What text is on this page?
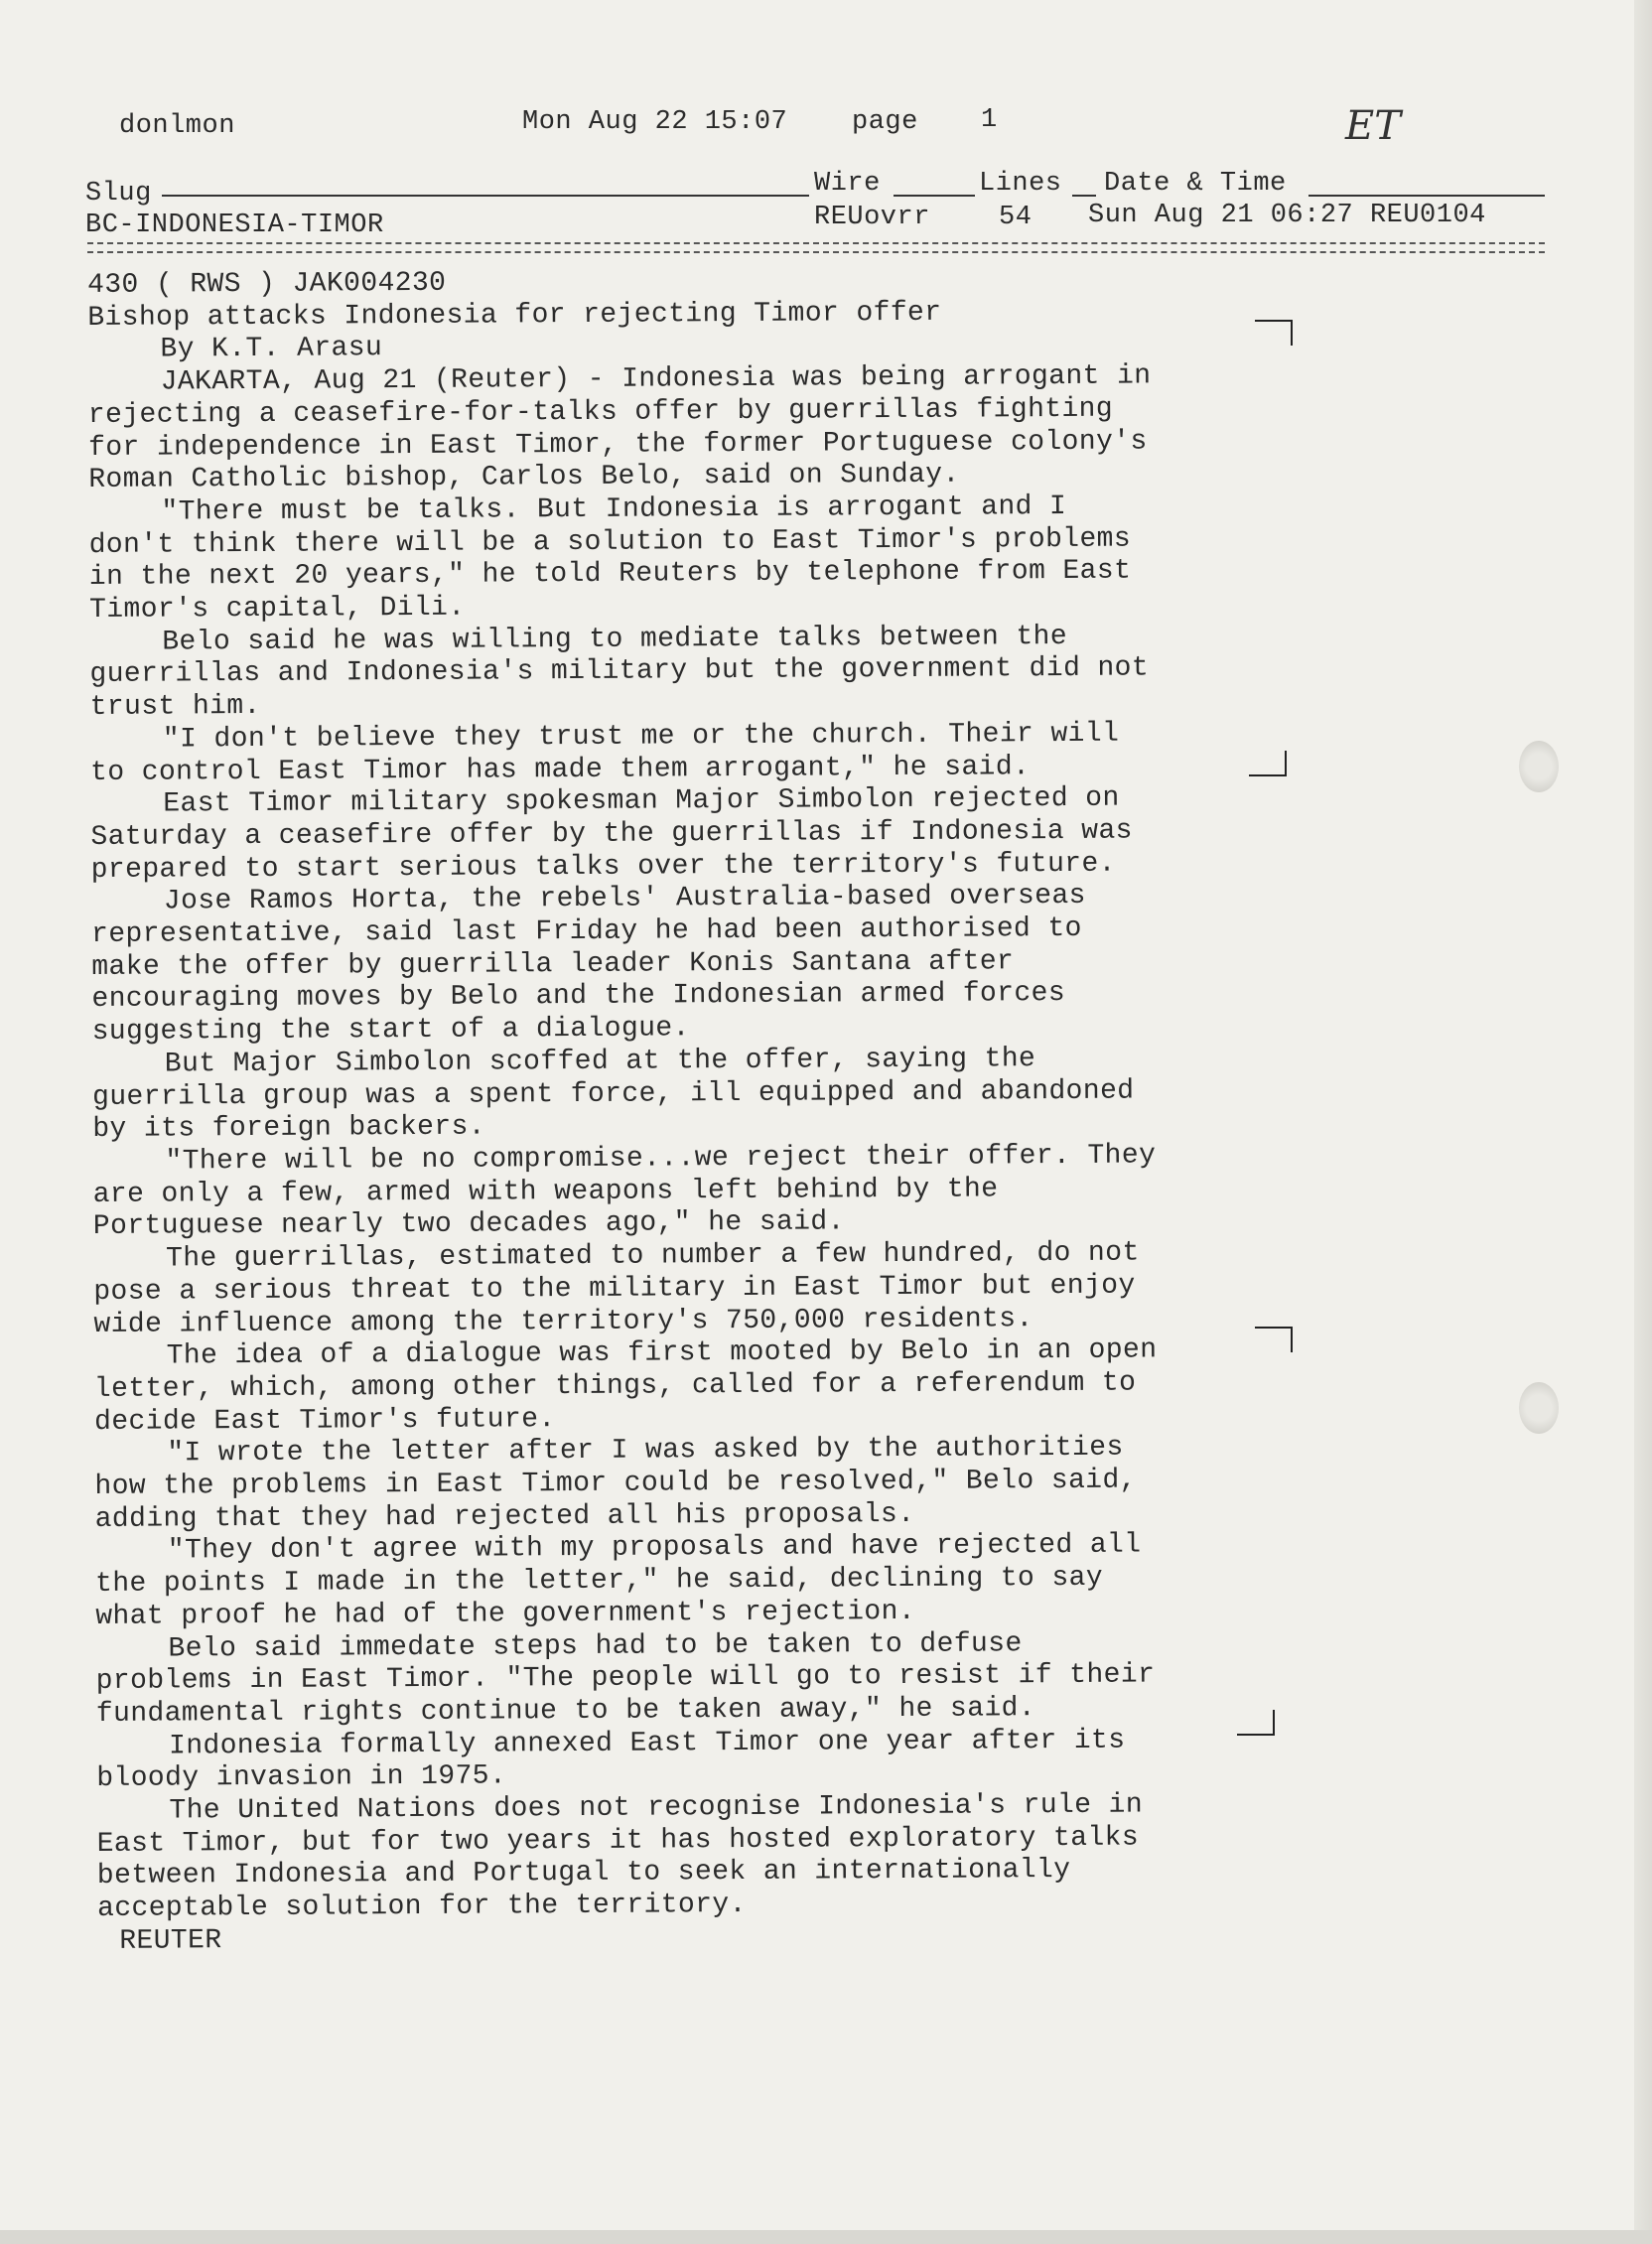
donlmon	Mon Aug 22 15:07 page 1	ET
Slug	Wire	Lines Date & Time
BC-INDONESIA-TIMOR	REUovrr	54 Sun Aug 21 06:27 REU0104
430 ( RWS ) JAK004230
Bishop attacks Indonesia for rejecting Timor offer
By K.T. Arasu
JAKARTA, Aug 21 (Reuter) - Indonesia was being arrogant in
rejecting a ceasefire-for-talks offer by guerrillas fighting
for independence in East Timor, the former Portuguese colony's
Roman Catholic bishop, Carlos Belo, said on Sunday.
"There must be talks. But Indonesia is arrogant and I
don't think there will be a solution to East Timor's problems
in the next 20 years," he told Reuters by telephone from East
Timor's capital, Dili.
Belo said he was willing to mediate talks between the
guerrillas and Indonesia's military but the government did not
trust him.
"I don't believe they trust me or the church. Their will
to control East Timor has made them arrogant," he said.
East Timor military spokesman Major Simbolon rejected on
Saturday a ceasefire offer by the guerrillas if Indonesia was
prepared to start serious talks over the territory's future.
Jose Ramos Horta, the rebels' Australia-based overseas
representative, said last Friday he had been authorised to
make the offer by guerrilla leader Konis Santana after
encouraging moves by Belo and the Indonesian armed forces
suggesting the start of a dialogue.
But Major Simbolon scoffed at the offer, saying the
guerrilla group was a spent force, ill equipped and abandoned
by its foreign backers.
"There will be no compromise...we reject their offer. They
are only a few, armed with weapons left behind by the
Portuguese nearly two decades ago," he said.
The guerrillas, estimated to number a few hundred, do not
pose a serious threat to the military in East Timor but enjoy
wide influence among the territory's 750,000 residents.
The idea of a dialogue was first mooted by Belo in an open
letter, which, among other things, called for a referendum to
decide East Timor's future.
"I wrote the letter after I was asked by the authorities
how the problems in East Timor could be resolved," Belo said,
adding that they had rejected all his proposals.
"They don't agree with my proposals and have rejected all
the points I made in the letter," he said, declining to say
what proof he had of the government's rejection.
Belo said immedate steps had to be taken to defuse
problems in East Timor. "The people will go to resist if their
fundamental rights continue to be taken away," he said.
Indonesia formally annexed East Timor one year after its
bloody invasion in 1975.
The United Nations does not recognise Indonesia's rule in
East Timor, but for two years it has hosted exploratory talks
between Indonesia and Portugal to seek an internationally
acceptable solution for the territory.
REUTER
